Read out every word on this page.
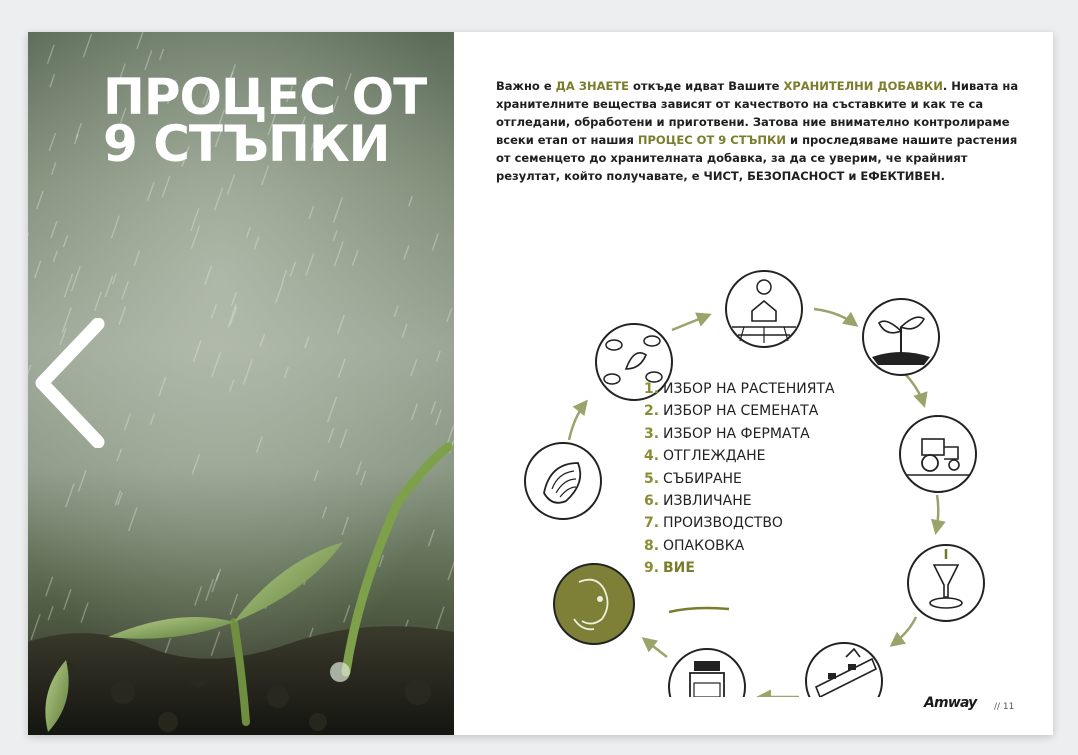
ПРОЦЕС ОТ
9 СТЪПКИ

Важно е ДА ЗНАЕТЕ откъде идват Вашите ХРАНИТЕЛНИ ДОБАВКИ. Нивата на хранителните вещества зависят от качеството на съставките и как те са отгледани, обработени и приготвени. Затова ние внимателно контролираме всеки етап от нашия ПРОЦЕС ОТ 9 СТЪПКИ и проследяваме нашите растения от семенцето до хранителната добавка, за да се уверим, че крайният резултат, който получавате, е ЧИСТ, БЕЗОПАСНОСТ и ЕФЕКТИВЕН.

1. ИЗБОР НА РАСТЕНИЯТА
2. ИЗБОР НА СЕМЕНАТА
3. ИЗБОР НА ФЕРМАТА
4. ОТГЛЕЖДАНЕ
5. СЪБИРАНЕ
6. ИЗВЛИЧАНЕ
7. ПРОИЗВОДСТВО
8. ОПАКОВКА
9. ВИЕ
Amway // 11
